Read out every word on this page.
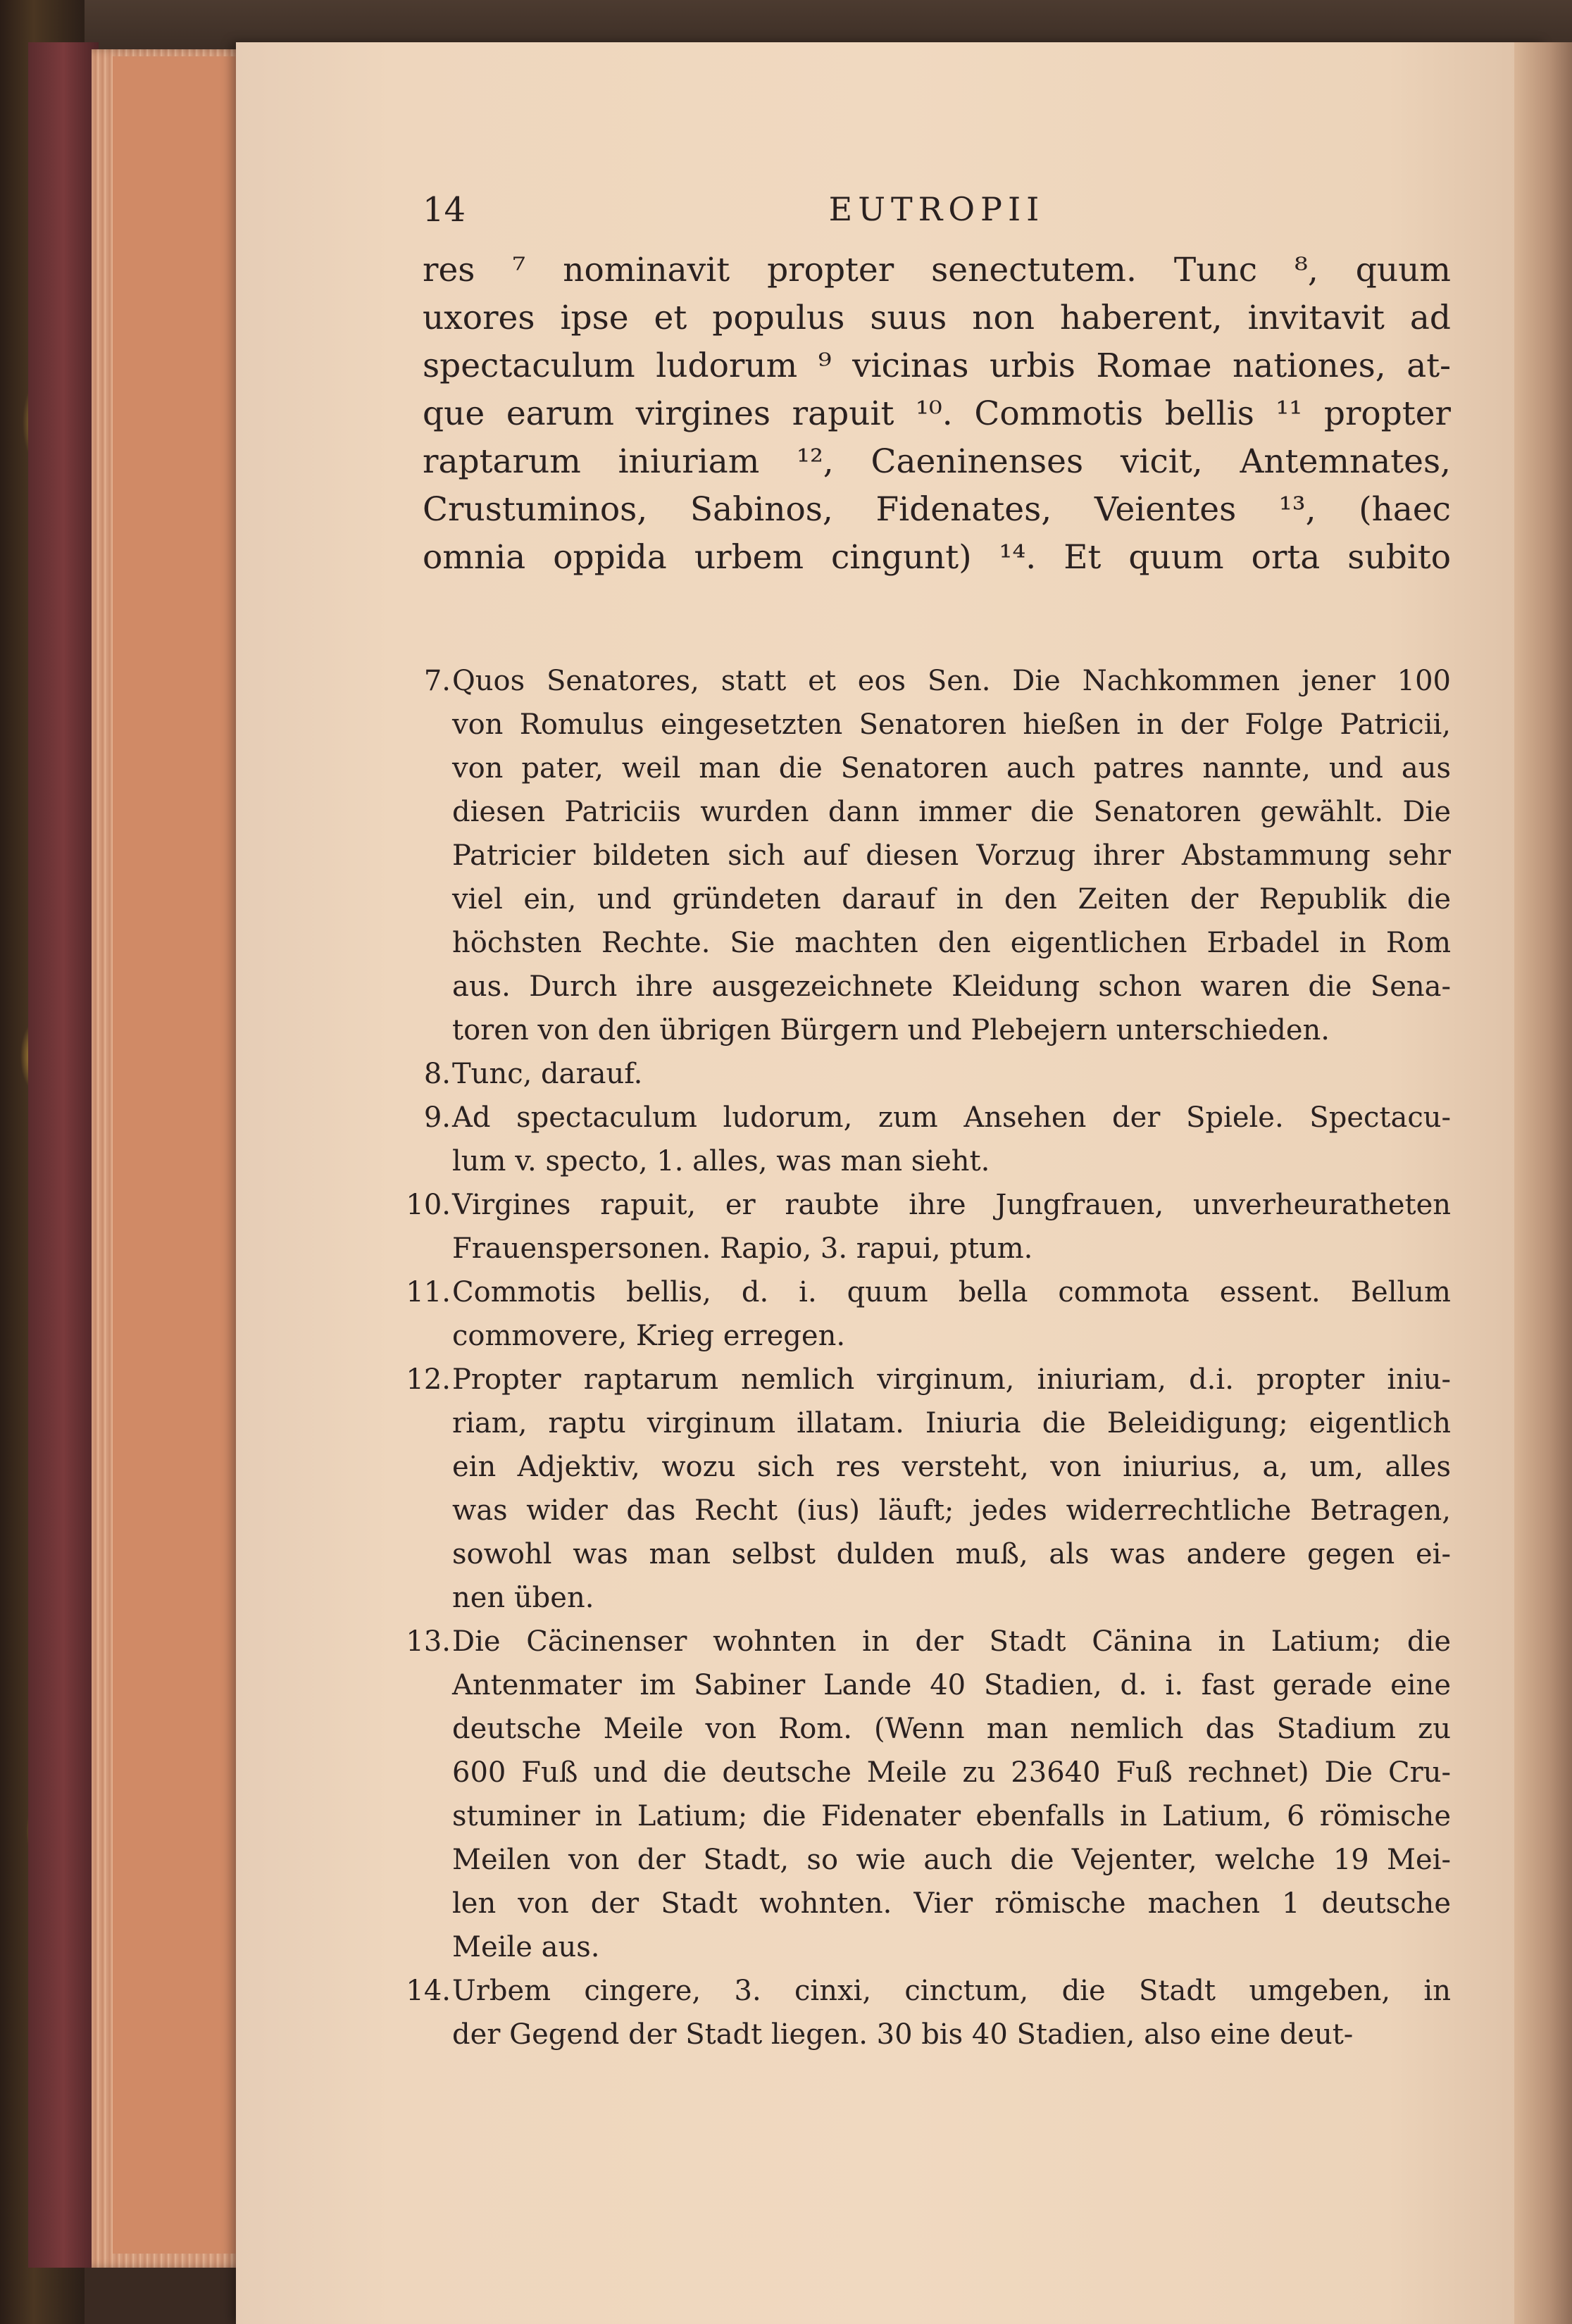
14	EUTROPII

res ⁷ nominavit propter senectutem. Tunc ⁸, quum

uxores ipse et populus suus non haberent, invitavit ad

spectaculum ludorum ⁹ vicinas urbis Romae nationes, at-

que earum virgines rapuit ¹⁰. Commotis bellis ¹¹ propter

raptarum iniuriam ¹², Caeninenses vicit, Antemnates,

Crustuminos, Sabinos, Fidenates, Veientes ¹³, (haec

omnia oppida urbem cingunt) ¹⁴. Et quum orta subito

7. Quos Senatores, statt et eos Sen. Die Nachkommen jener 100
von Romulus eingesetzten Senatoren hießen in der Folge Patricii,
von pater, weil man die Senatoren auch patres nannte, und aus
diesen Patriciis wurden dann immer die Senatoren gewählt. Die
Patricier bildeten sich auf diesen Vorzug ihrer Abstammung sehr
viel ein, und gründeten darauf in den Zeiten der Republik die
höchsten Rechte. Sie machten den eigentlichen Erbadel in Rom
aus. Durch ihre ausgezeichnete Kleidung schon waren die Sena-
toren von den übrigen Bürgern und Plebejern unterschieden.
8. Tunc, darauf.
9. Ad spectaculum ludorum, zum Ansehen der Spiele. Spectacu-
lum v. specto, 1. alles, was man sieht.
10. Virgines rapuit, er raubte ihre Jungfrauen, unverheuratheten
Frauenspersonen. Rapio, 3. rapui, ptum.
11. Commotis bellis, d. i. quum bella commota essent. Bellum
commovere, Krieg erregen.
12. Propter raptarum nemlich virginum, iniuriam, d.i. propter iniu-
riam, raptu virginum illatam. Iniuria die Beleidigung; eigentlich
ein Adjektiv, wozu sich res versteht, von iniurius, a, um, alles
was wider das Recht (ius) läuft; jedes widerrechtliche Betragen,
sowohl was man selbst dulden muß, als was andere gegen ei-
nen üben.
13. Die Cäcinenser wohnten in der Stadt Cänina in Latium; die
Antenmater im Sabiner Lande 40 Stadien, d. i. fast gerade eine
deutsche Meile von Rom. (Wenn man nemlich das Stadium zu
600 Fuß und die deutsche Meile zu 23640 Fuß rechnet) Die Cru-
stuminer in Latium; die Fidenater ebenfalls in Latium, 6 römische
Meilen von der Stadt, so wie auch die Vejenter, welche 19 Mei-
len von der Stadt wohnten. Vier römische machen 1 deutsche
Meile aus.
14. Urbem cingere, 3. cinxi, cinctum, die Stadt umgeben, in
der Gegend der Stadt liegen. 30 bis 40 Stadien, also eine deut-
